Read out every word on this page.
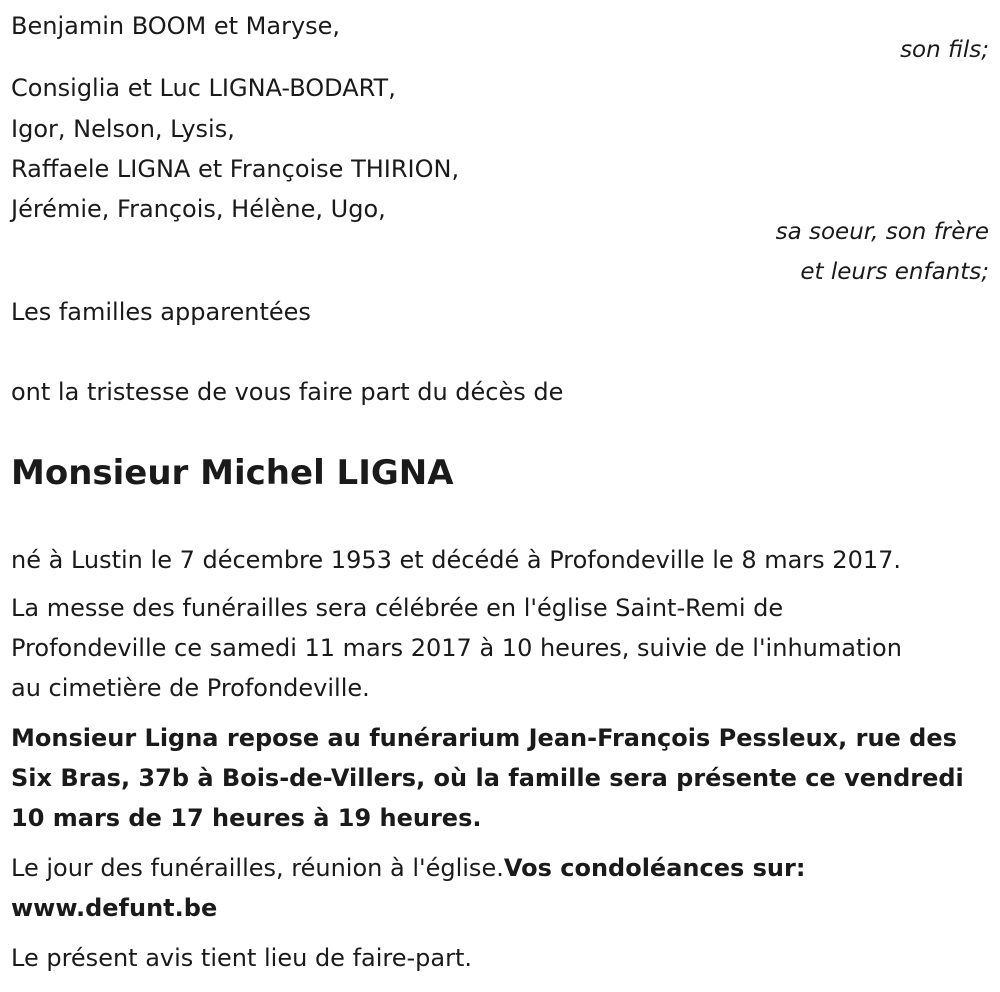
Benjamin BOOM et Maryse,

son fils;

Consiglia et Luc LIGNA-BODART,

Igor, Nelson, Lysis,

Raffaele LIGNA et Françoise THIRION,

Jérémie, François, Hélène, Ugo,

sa soeur, son frère

et leurs enfants;

Les familles apparentées

ont la tristesse de vous faire part du décès de

Monsieur Michel LIGNA

né à Lustin le 7 décembre 1953 et décédé à Profondeville le 8 mars 2017.

La messe des funérailles sera célébrée en l'église Saint-Remi de

Profondeville ce samedi 11 mars 2017 à 10 heures, suivie de l'inhumation

au cimetière de Profondeville.

Monsieur Ligna repose au funérarium Jean-François Pessleux, rue des

Six Bras, 37b à Bois-de-Villers, où la famille sera présente ce vendredi

10 mars de 17 heures à 19 heures.

Le jour des funérailles, réunion à l'église.Vos condoléances sur:

www.defunt.be

Le présent avis tient lieu de faire-part.
